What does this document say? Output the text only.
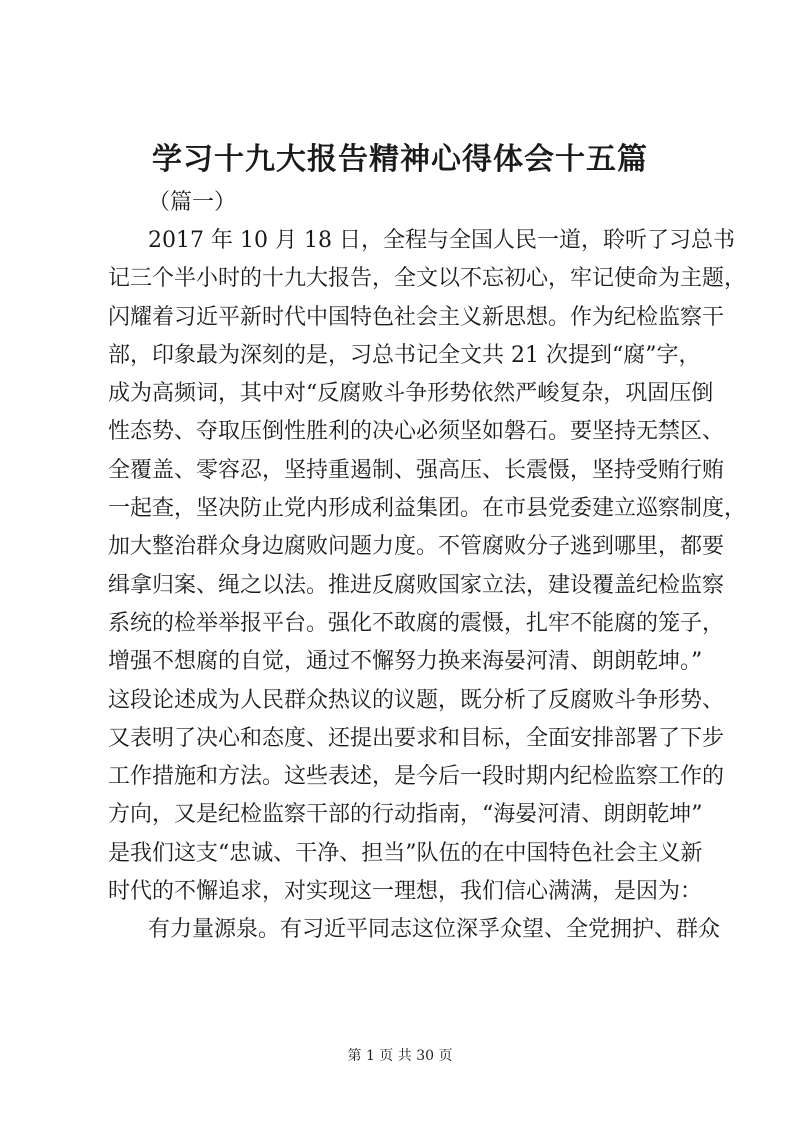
学习十九大报告精神心得体会十五篇
（篇一）
2017 年 10 月 18 日，全程与全国人民一道，聆听了习总书
记三个半小时的十九大报告，全文以不忘初心，牢记使命为主题，
闪耀着习近平新时代中国特色社会主义新思想。作为纪检监察干
部，印象最为深刻的是，习总书记全文共 21 次提到“腐”字，
成为高频词，其中对“反腐败斗争形势依然严峻复杂，巩固压倒
性态势、夺取压倒性胜利的决心必须坚如磐石。要坚持无禁区、
全覆盖、零容忍，坚持重遏制、强高压、长震慑，坚持受贿行贿
一起查，坚决防止党内形成利益集团。在市县党委建立巡察制度，
加大整治群众身边腐败问题力度。不管腐败分子逃到哪里，都要
缉拿归案、绳之以法。推进反腐败国家立法，建设覆盖纪检监察
系统的检举举报平台。强化不敢腐的震慑，扎牢不能腐的笼子，
增强不想腐的自觉，通过不懈努力换来海晏河清、朗朗乾坤。”
这段论述成为人民群众热议的议题，既分析了反腐败斗争形势、
又表明了决心和态度、还提出要求和目标，全面安排部署了下步
工作措施和方法。这些表述，是今后一段时期内纪检监察工作的
方向，又是纪检监察干部的行动指南，“海晏河清、朗朗乾坤”
是我们这支“忠诚、干净、担当”队伍的在中国特色社会主义新
时代的不懈追求，对实现这一理想，我们信心满满，是因为：
有力量源泉。有习近平同志这位深孚众望、全党拥护、群众
第 1 页 共 30 页
